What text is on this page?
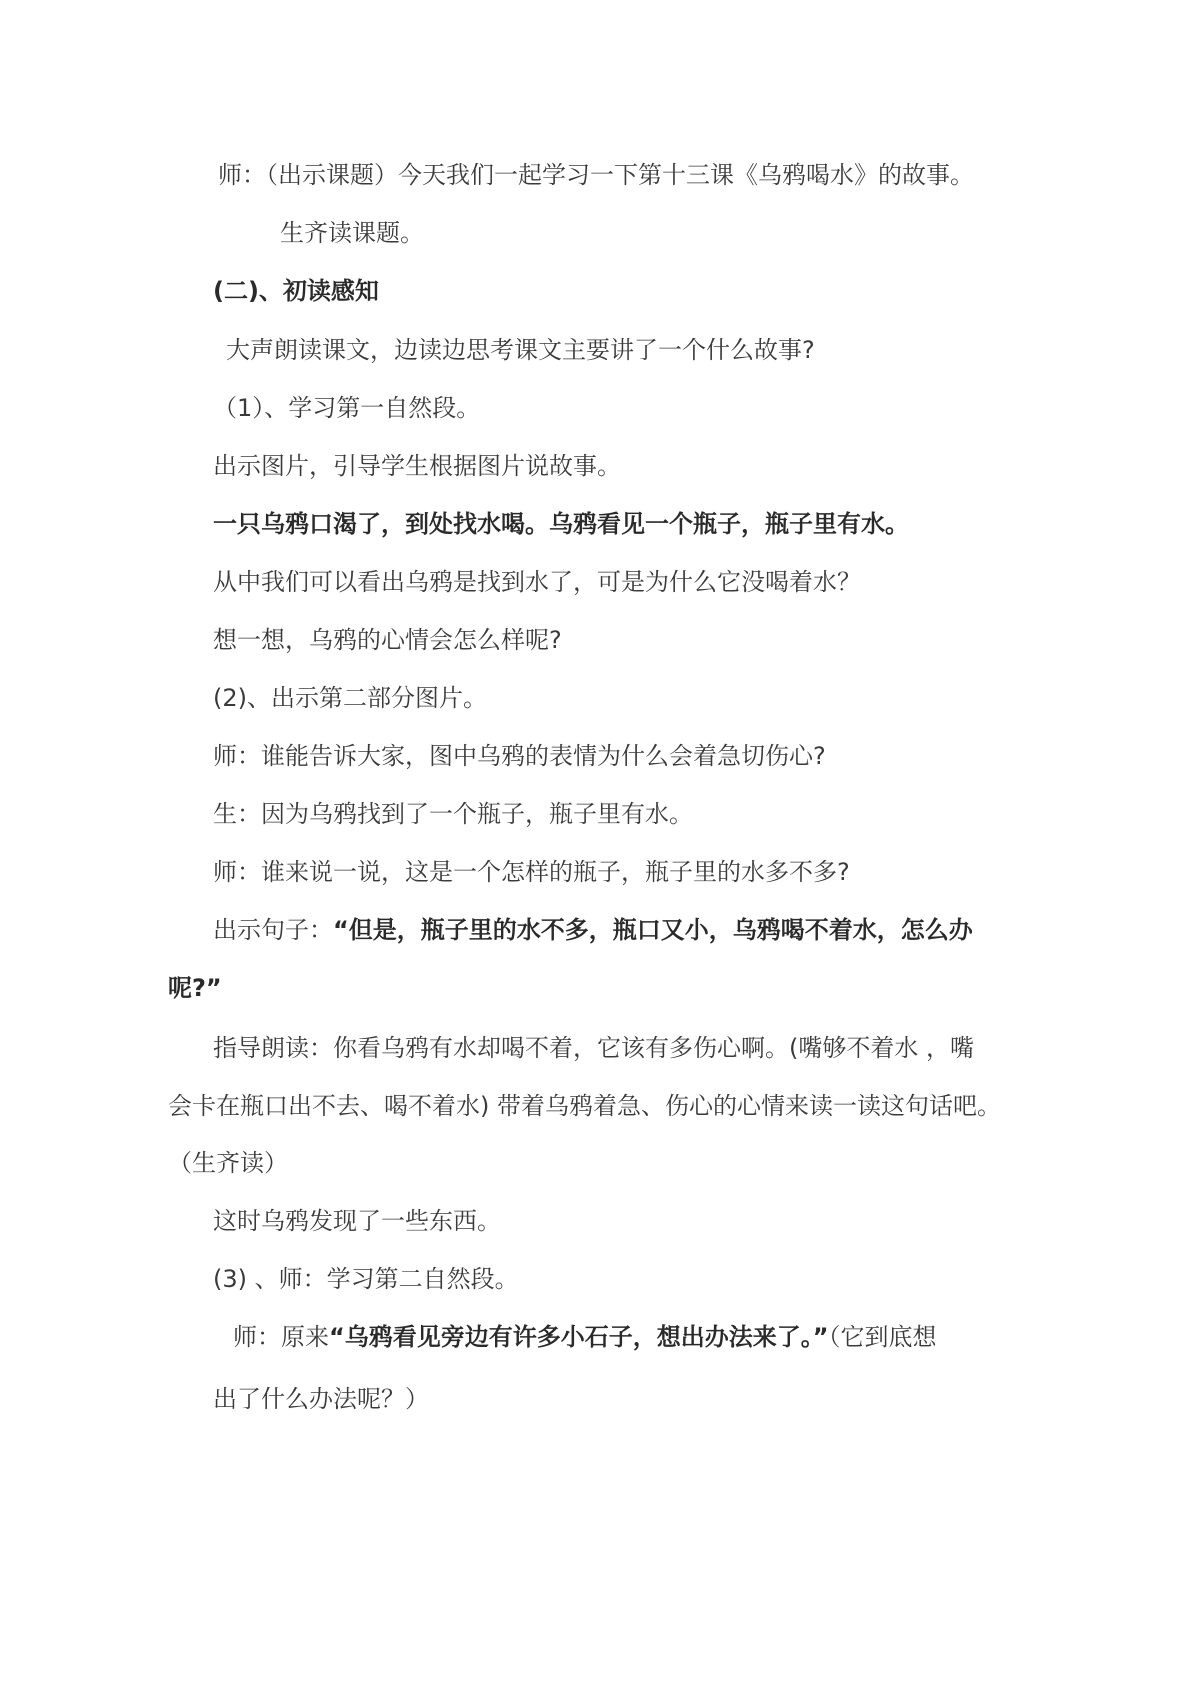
师：（出示课题）今天我们一起学习一下第十三课《乌鸦喝水》的故事。

生齐读课题。

(二)、初读感知

大声朗读课文，边读边思考课文主要讲了一个什么故事?

（1）、学习第一自然段。

出示图片，引导学生根据图片说故事。

一只乌鸦口渴了，到处找水喝。乌鸦看见一个瓶子，瓶子里有水。

从中我们可以看出乌鸦是找到水了，可是为什么它没喝着水？

想一想，乌鸦的心情会怎么样呢?

(2)、出示第二部分图片。

师：谁能告诉大家，图中乌鸦的表情为什么会着急切伤心?

生：因为乌鸦找到了一个瓶子，瓶子里有水。

师：谁来说一说，这是一个怎样的瓶子，瓶子里的水多不多?

出示句子：“但是，瓶子里的水不多，瓶口又小，乌鸦喝不着水，怎么办

呢?”

指导朗读：你看乌鸦有水却喝不着，它该有多伤心啊。(嘴够不着水 ，嘴

会卡在瓶口出不去、喝不着水) 带着乌鸦着急、伤心的心情来读一读这句话吧。

（生齐读）

这时乌鸦发现了一些东西。

(3) 、师：学习第二自然段。

师：原来“乌鸦看见旁边有许多小石子，想出办法来了。”（它到底想

出了什么办法呢？）
